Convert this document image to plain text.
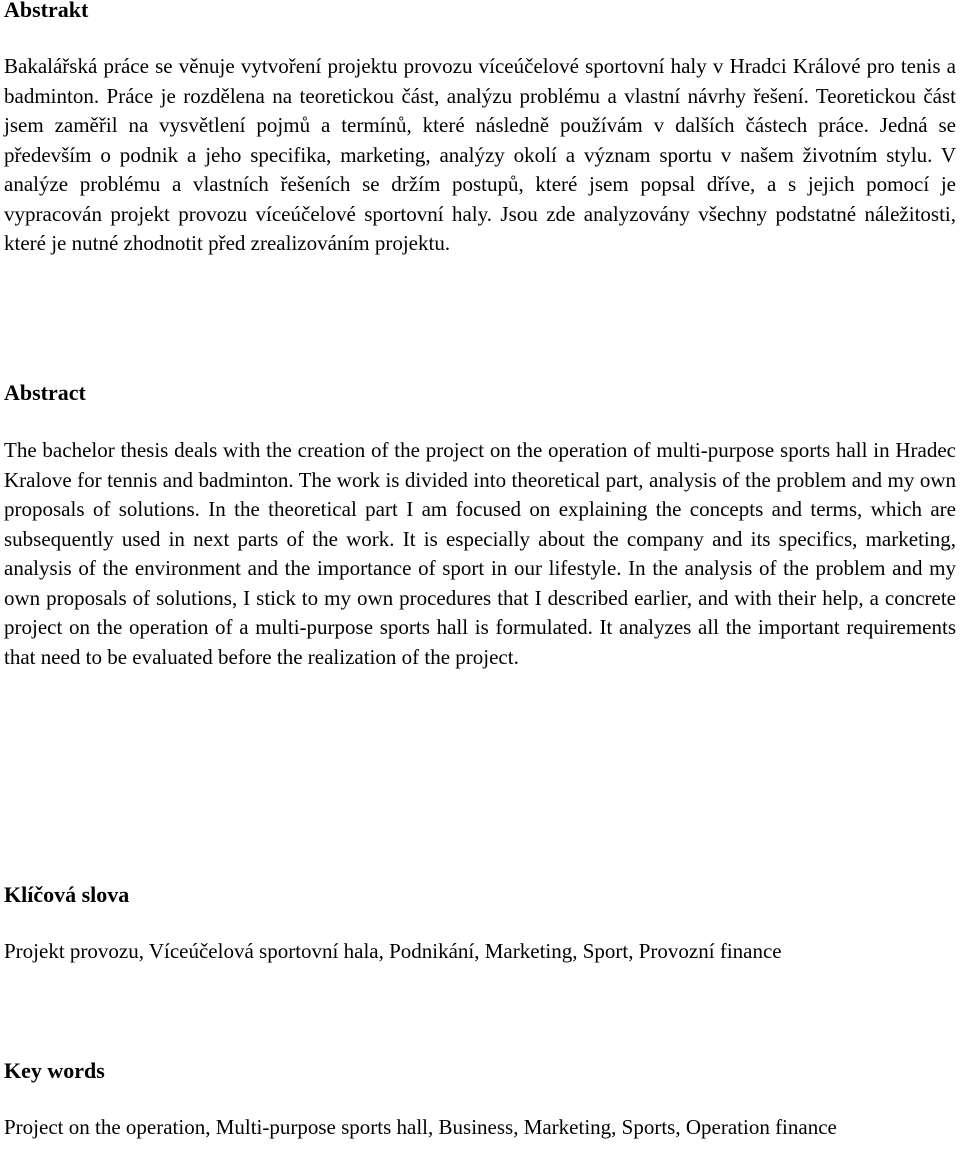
Abstrakt

Bakalářská práce se věnuje vytvoření projektu provozu víceúčelové sportovní haly v Hradci Králové pro tenis a badminton. Práce je rozdělena na teoretickou část, analýzu problému a vlastní návrhy řešení. Teoretickou část jsem zaměřil na vysvětlení pojmů a termínů, které následně používám v dalších částech práce. Jedná se především o podnik a jeho specifika, marketing, analýzy okolí a význam sportu v našem životním stylu. V analýze problému a vlastních řešeních se držím postupů, které jsem popsal dříve, a s jejich pomocí je vypracován projekt provozu víceúčelové sportovní haly. Jsou zde analyzovány všechny podstatné náležitosti, které je nutné zhodnotit před zrealizováním projektu.

Abstract

The bachelor thesis deals with the creation of the project on the operation of multi-purpose sports hall in Hradec Kralove for tennis and badminton. The work is divided into theoretical part, analysis of the problem and my own proposals of solutions. In the theoretical part I am focused on explaining the concepts and terms, which are subsequently used in next parts of the work. It is especially about the company and its specifics, marketing, analysis of the environment and the importance of sport in our lifestyle. In the analysis of the problem and my own proposals of solutions, I stick to my own procedures that I described earlier, and with their help, a concrete project on the operation of a multi-purpose sports hall is formulated. It analyzes all the important requirements that need to be evaluated before the realization of the project.

Klíčová slova

Projekt provozu, Víceúčelová sportovní hala, Podnikání, Marketing, Sport, Provozní finance

Key words

Project on the operation, Multi-purpose sports hall, Business, Marketing, Sports, Operation finance
